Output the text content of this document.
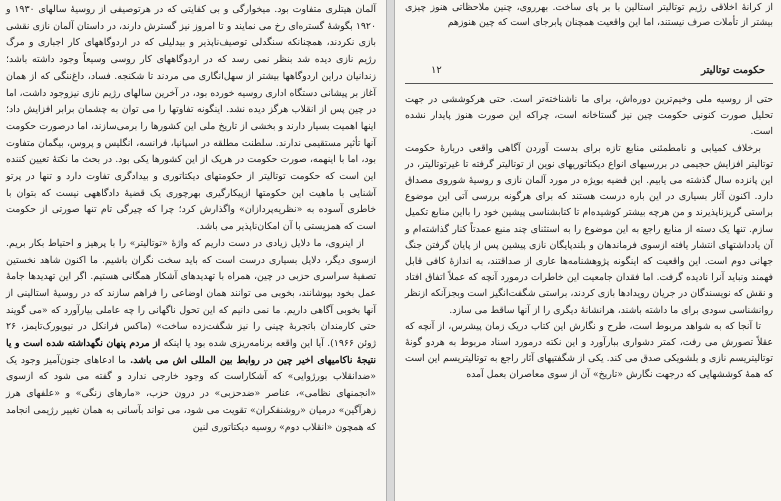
آلمان هیتلری متفاوت بود. میخوارگی و بی کفایتی که در هرتوصیفی از روسیهٔ سالهای ۱۹۳۰ و ۱۹۲۰ بگوشۀ گستره‌ای رخ می نمایند و تا امروز نیز گسترش دارند، در داستان آلمان نازی نقشی بازی نکردند، همچنانکه سنگدلی توصیف‌ناپذیر و بیدلیلی که در اردوگاههای کار اجباری و مرگ رژیم نازی دیده شد بنظر نمی رسد که در اردوگاههای کار روسی وسیعاً وجود داشته باشد؛ زندانیان دراین اردوگاهها بیشتر از سهل‌انگاری می مردند تا شکنجه. فساد، داغ‌ننگی که از همان آغاز بر پیشانی دستگاه اداری روسیه خورده بود، در آخرین سالهای رژیم نازی نیزوجود داشت، اما در چین پس از انقلاب هرگز دیده نشد. اینگونه تفاوتها را می توان به چشمان برابر افزایش داد؛ اینها اهمیت بسیار دارند و بخشی از تاریخ ملی این کشورها را برمی‌سازند، اما درصورت حکومت آنها تأثیر مستقیمی ندارند. سلطنت مطلقه در اسپانیا، فرانسه، انگلیس و پروس، بیگمان متفاوت بود، اما با اینهمه، صورت حکومت در هریک از این کشورها یکی بود. در بحث ما نکتهٔ تعیین کننده این است که حکومت توتالیتر از حکومتهای دیکتاتوری و بیدادگری تفاوت دارد و تنها در پرتو آشنایی با ماهیت این حکومتها ازپیکارگیری بهرچوری یک قضیهٔ دادگاههی نیست که بتوان با خاطری آسوده به «نظریه‌پردازان» واگذارش کرد؛ چرا که چیرگی تام تنها صورتی از حکومت است که همزیستی با آن امکان‌ناپذیر می باشد.

از اینروی، ما دلایل زیادی در دست داریم که واژهٔ «توتالیتر» را با پرهیز و احتیاط بکار بریم. ازسوی دیگر، دلایل بسیاری درست است که باید سخت نگران باشیم. ما اکنون شاهد نخستین تصفیهٔ سراسری حزبی در چین، همراه با تهدیدهای آشکار همگانی هستیم. اگر این تهدیدها جامهٔ عمل بخود بپوشانند، بخوبی می توانند همان اوضاعی را فراهم سازند که در روسیهٔ استالینی از آنها بخوبی آگاهی داریم. ما نمی دانیم که این تحول ناگهانی را چه عاملی بیارآورد که «می گویند حتی کارمندان باتجربهٔ چینی را نیز شگفت‌زده ساخت» (ماکس فرانکل در نیویورک‌تایمز، ۲۶ ژوئن ۱۹۶۶). آیا این واقعه برنامه‌ریزی شده بود یا اینکه از مردم پنهان نگهداشته شده است و یا نتیجهٔ ناکامیهای اخیر چین در روابط بین المللی اش می باشد. ما ادعاهای جنون‌آمیز وجود یک «ضدانقلاب بورژوایی» که آشکاراست که وجود خارجی ندارد و گفته می شود که ازسوی «انجمنهای نظامی»، عناصر «ضدحزبی» در درون حزب، «مارهای زنگی» و «علفهای هرز زهرآگین» درمیان «روشنفکران» تقویت می شود، می تواند بآسانی به همان تغییر رژیمی انجامد که همچون «انقلاب دوم» روسیه دیکتاتوری لنین

از کرانهٔ اخلاقی رژیم توتالیتر استالین با بر پای ساخت. بهرروی، چنین ملاحظاتی هنوز چیزی بیشتر از تأملات صرف نیستند، اما این واقعیت همچنان پابرجای است که چین هنوزهم
حکومت توتالیتر
۱۲

حتی از روسیه ملی وخیم‌ترین دوره‌اش، برای ما ناشناخته‌تر است. حتی هرکوششی در جهت تحلیل صورت کنونی حکومت چین نیز گستاخانه است، چراکه این صورت هنوز پایدار نشده است.

برخلاف کمیابی و نامطمئنی منابع تازه برای بدست آوردن آگاهی واقعی دربارهٔ حکومت توتالیتر افزایش حجیمی در بررسیهای انواع دیکتاتوریهای نوین از توتالیتر گرفته تا غیرتوتالیتر، در این پانزده سال گذشته می یابیم. این قضیه بویژه در مورد آلمان نازی و روسیهٔ شوروی مصداق دارد. اکنون آثار بسیاری در این باره درست هستند که برای هرگونه بررسی آتی این موضوع براستی گریزناپذیرند و من هرچه بیشتر کوشیده‌ام تا کتابشناسی پیشین خود را بااین منابع تکمیل سازم. تنها یک دسته از منابع راجع به این موضوع را به استثنای چند منبع عمدتاً کنار گذاشته‌ام و آن یادداشتهای انتشار یافته ازسوی فرماندهان و بلندپایگان نازی پیشین پس از پایان گرفتن جنگ جهانی دوم است. این واقعیت که اینگونه پژوهشنامه‌ها عاری از صداقتند، به اندازهٔ کافی قابل فهمند ونباید آنرا نادیده گرفت. اما فقدان جامعیت این خاطرات درمورد آنچه که عملاً اتفاق افتاد و نقش که نویسندگان در جریان رویدادها بازی کردند، براستی شگفت‌انگیز است وبجزآنکه ازنظر روانشناسی سودی برای ما داشته باشند، هرانشانهٔ دیگری را از آنها ساقط می سازد.

تا آنجا که به شواهد مربوط است، طرح و نگارش این کتاب دریک زمان پیشرس، از آنچه که عقلاً تصورش می رفت، کمتر دشواری ببارآورد و این نکته درمورد اسناد مربوط به هردو گونهٔ توتالیتریسم نازی و بلشویکی صدق می کند. یکی از شگفتیهای آثار راجع به توتالیتریسم این است که همهٔ کوششهایی که درجهت نگارش «تاریخ» آن از سوی معاصران بعمل آمده
